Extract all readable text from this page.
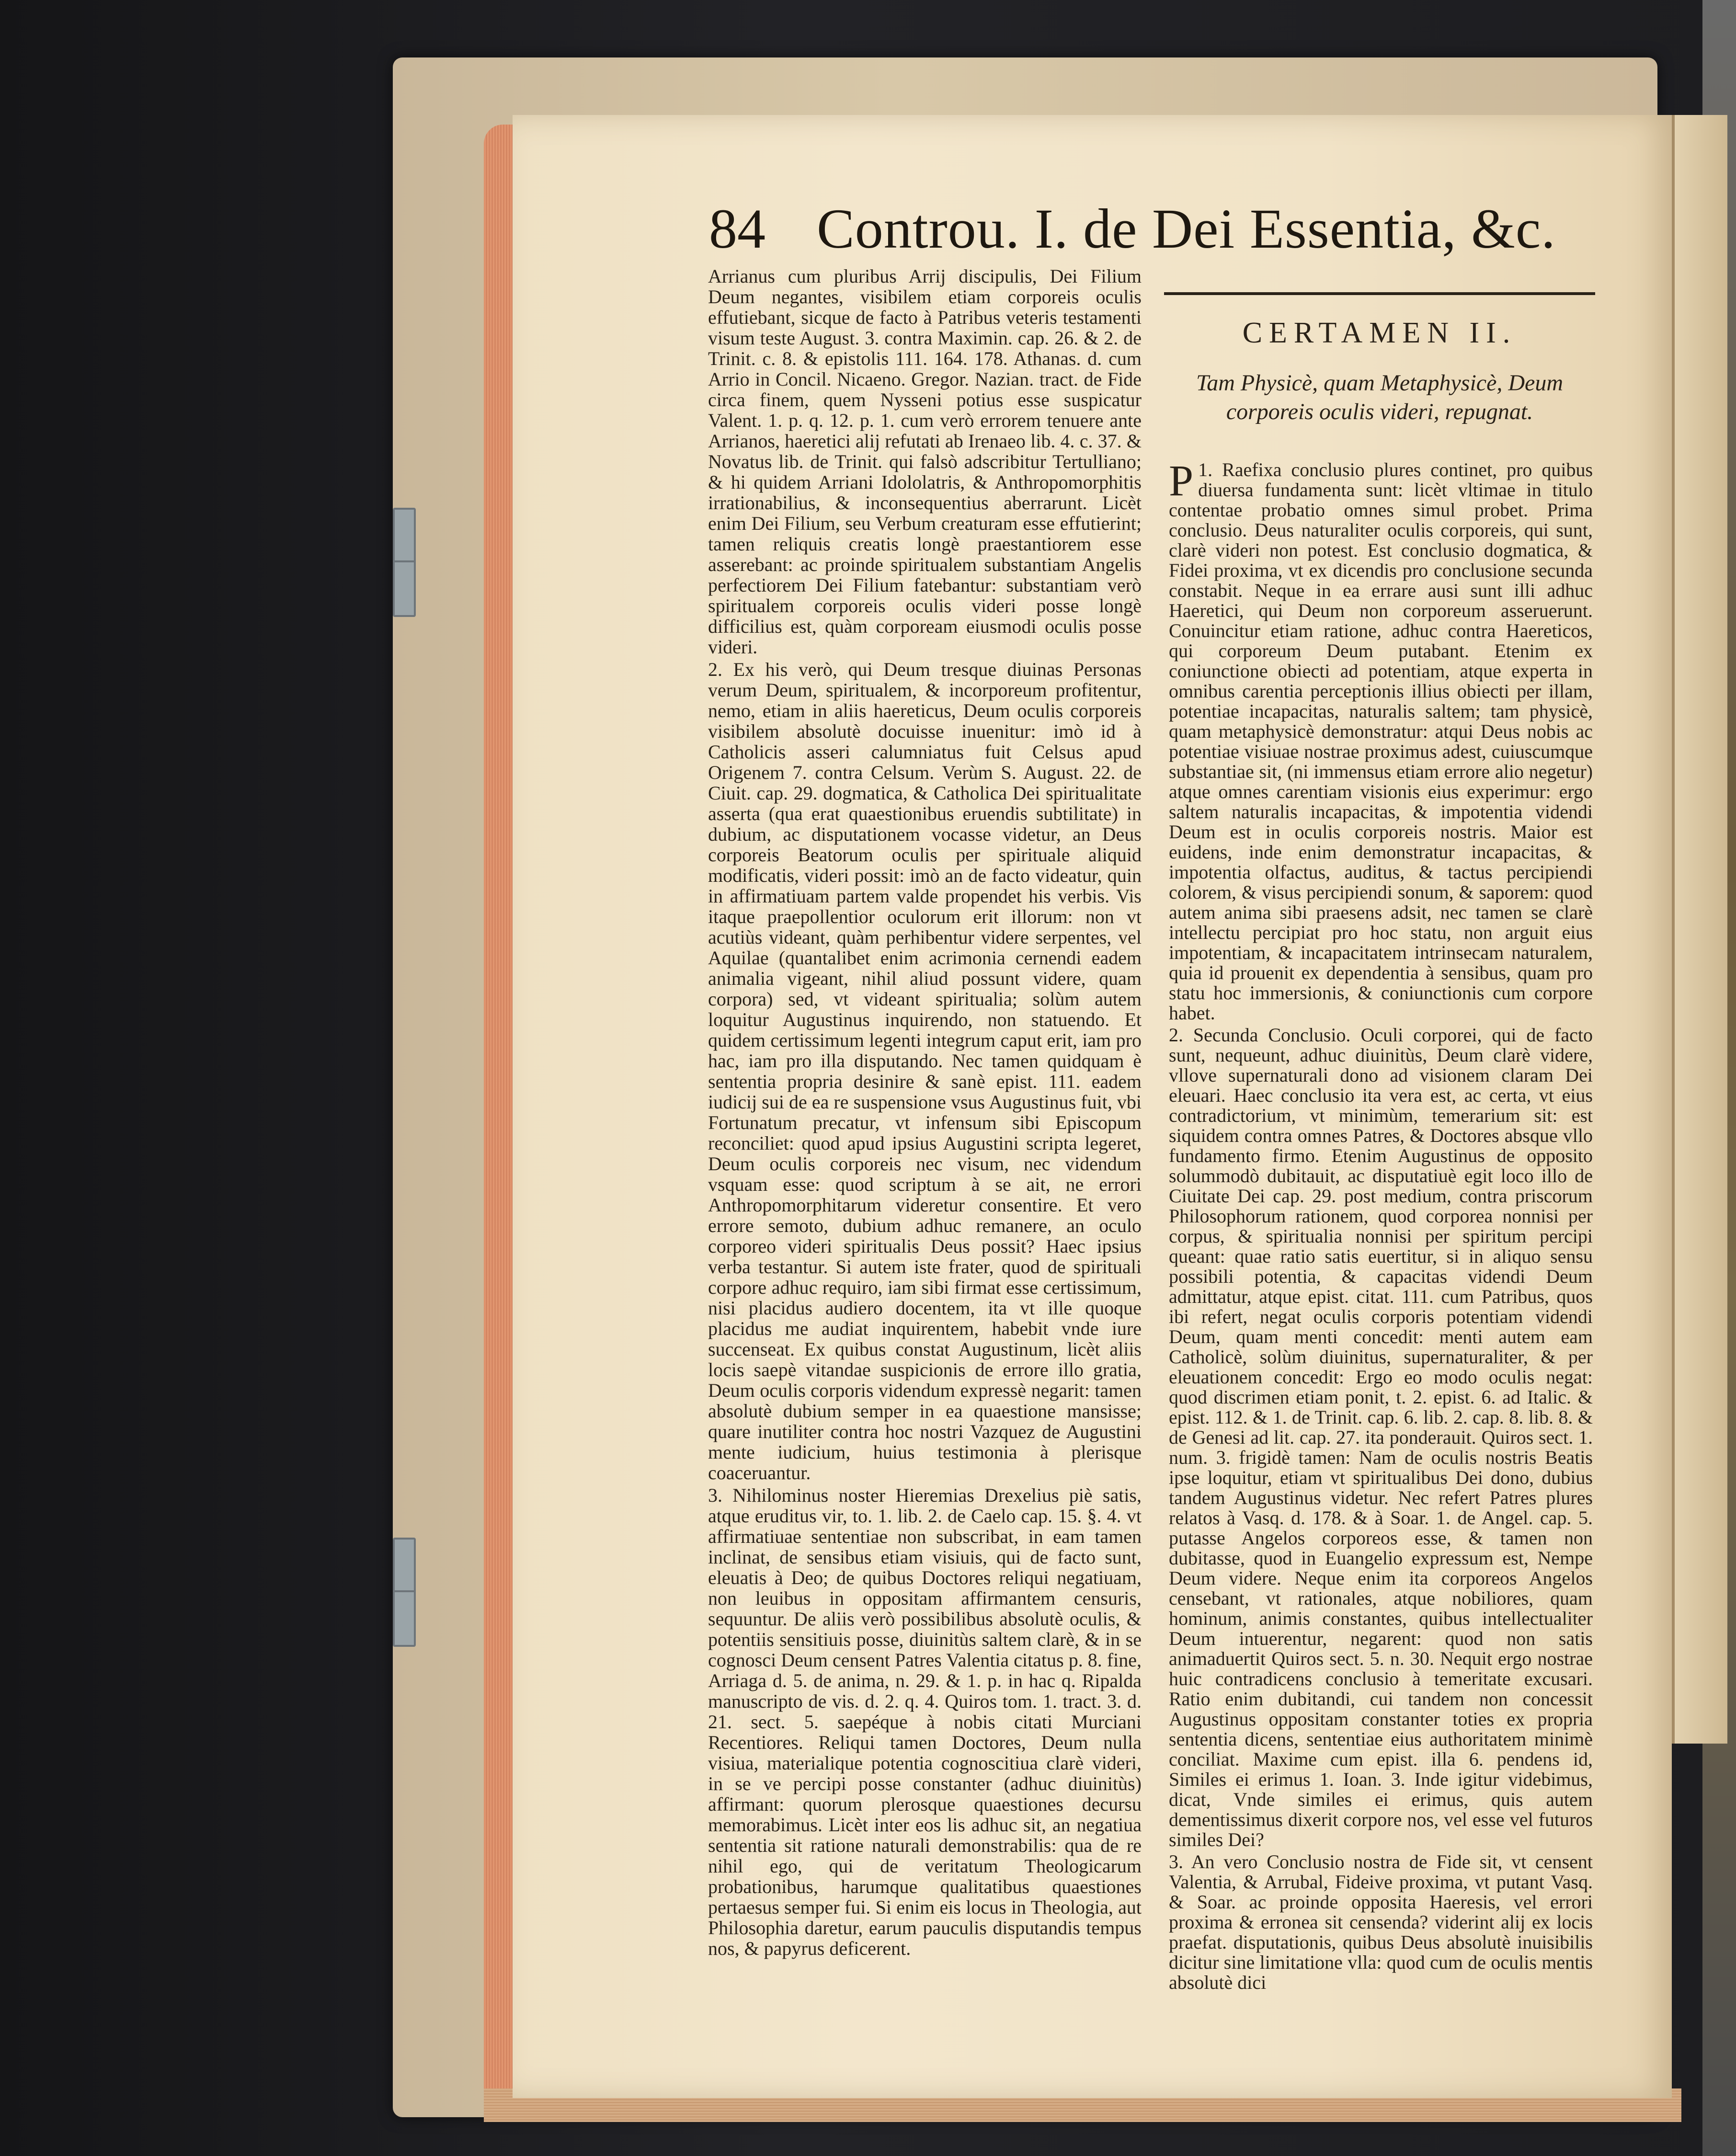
84 Controu. I. de Dei Essentia, &c.

Arrianus cum pluribus Arrij discipulis, Dei Filium Deum negantes, visibilem etiam corporeis oculis effutiebant, sicque de facto à Patribus veteris testamenti visum teste August. 3. contra Maximin. cap. 26. & 2. de Trinit. c. 8. & epistolis 111. 164. 178. Athanas. d. cum Arrio in Concil. Nicaeno. Gregor. Nazian. tract. de Fide circa finem, quem Nysseni potius esse suspicatur Valent. 1. p. q. 12. p. 1. cum verò errorem tenuere ante Arrianos, haeretici alij refutati ab Irenaeo lib. 4. c. 37. & Novatus lib. de Trinit. qui falsò adscribitur Tertulliano; & hi quidem Arriani Idololatris, & Anthropomorphitis irrationabilius, & inconsequentius aberrarunt. Licèt enim Dei Filium, seu Verbum creaturam esse effutierint; tamen reliquis creatis longè praestantiorem esse asserebant: ac proinde spiritualem substantiam Angelis perfectiorem Dei Filium fatebantur: substantiam verò spiritualem corporeis oculis videri posse longè difficilius est, quàm corpoream eiusmodi oculis posse videri.

2. Ex his verò, qui Deum tresque diuinas Personas verum Deum, spiritualem, & incorporeum profitentur, nemo, etiam in aliis haereticus, Deum oculis corporeis visibilem absolutè docuisse inuenitur: imò id à Catholicis asseri calumniatus fuit Celsus apud Origenem 7. contra Celsum. Verùm S. August. 22. de Ciuit. cap. 29. dogmatica, & Catholica Dei spiritualitate asserta (qua erat quaestionibus eruendis subtilitate) in dubium, ac disputationem vocasse videtur, an Deus corporeis Beatorum oculis per spirituale aliquid modificatis, videri possit: imò an de facto videatur, quin in affirmatiuam partem valde propendet his verbis. Vis itaque praepollentior oculorum erit illorum: non vt acutiùs videant, quàm perhibentur videre serpentes, vel Aquilae (quantalibet enim acrimonia cernendi eadem animalia vigeant, nihil aliud possunt videre, quam corpora) sed, vt videant spiritualia; solùm autem loquitur Augustinus inquirendo, non statuendo. Et quidem certissimum legenti integrum caput erit, iam pro hac, iam pro illa disputando. Nec tamen quidquam è sententia propria desinire & sanè epist. 111. eadem iudicij sui de ea re suspensione vsus Augustinus fuit, vbi Fortunatum precatur, vt infensum sibi Episcopum reconciliet: quod apud ipsius Augustini scripta legeret, Deum oculis corporeis nec visum, nec videndum vsquam esse: quod scriptum à se ait, ne errori Anthropomorphitarum videretur consentire. Et vero errore semoto, dubium adhuc remanere, an oculo corporeo videri spiritualis Deus possit? Haec ipsius verba testantur. Si autem iste frater, quod de spirituali corpore adhuc requiro, iam sibi firmat esse certissimum, nisi placidus audiero docentem, ita vt ille quoque placidus me audiat inquirentem, habebit vnde iure succenseat. Ex quibus constat Augustinum, licèt aliis locis saepè vitandae suspicionis de errore illo gratia, Deum oculis corporis videndum expressè negarit: tamen absolutè dubium semper in ea quaestione mansisse; quare inutiliter contra hoc nostri Vazquez de Augustini mente iudicium, huius testimonia à plerisque coaceruantur.

3. Nihilominus noster Hieremias Drexelius piè satis, atque eruditus vir, to. 1. lib. 2. de Caelo cap. 15. §. 4. vt affirmatiuae sententiae non subscribat, in eam tamen inclinat, de sensibus etiam visiuis, qui de facto sunt, eleuatis à Deo; de quibus Doctores reliqui negatiuam, non leuibus in oppositam affirmantem censuris, sequuntur. De aliis verò possibilibus absolutè oculis, & potentiis sensitiuis posse, diuinitùs saltem clarè, & in se cognosci Deum censent Patres Valentia citatus p. 8. fine, Arriaga d. 5. de anima, n. 29. & 1. p. in hac q. Ripalda manuscripto de vis. d. 2. q. 4. Quiros tom. 1. tract. 3. d. 21. sect. 5. saepéque à nobis citati Murciani Recentiores. Reliqui tamen Doctores, Deum nulla visiua, materialique potentia cognoscitiua clarè videri, in se ve percipi posse constanter (adhuc diuinitùs) affirmant: quorum plerosque quaestiones decursu memorabimus. Licèt inter eos lis adhuc sit, an negatiua sententia sit ratione naturali demonstrabilis: qua de re nihil ego, qui de veritatum Theologicarum probationibus, harumque qualitatibus quaestiones pertaesus semper fui. Si enim eis locus in Theologia, aut Philosophia daretur, earum pauculis disputandis tempus nos, & papyrus deficerent.

CERTAMEN II.
Tam Physicè, quam Metaphysicè, Deum corporeis oculis videri, repugnat.

1.
P Raefixa conclusio plures continet, pro quibus diuersa fundamenta sunt: licèt vltimae in titulo contentae probatio omnes simul probet. Prima conclusio. Deus naturaliter oculis corporeis, qui sunt, clarè videri non potest. Est conclusio dogmatica, & Fidei proxima, vt ex dicendis pro conclusione secunda constabit. Neque in ea errare ausi sunt illi adhuc Haeretici, qui Deum non corporeum asseruerunt. Conuincitur etiam ratione, adhuc contra Haereticos, qui corporeum Deum putabant. Etenim ex coniunctione obiecti ad potentiam, atque experta in omnibus carentia perceptionis illius obiecti per illam, potentiae incapacitas, naturalis saltem; tam physicè, quam metaphysicè demonstratur: atqui Deus nobis ac potentiae visiuae nostrae proximus adest, cuiuscumque substantiae sit, (ni immensus etiam errore alio negetur) atque omnes carentiam visionis eius experimur: ergo saltem naturalis incapacitas, & impotentia videndi Deum est in oculis corporeis nostris. Maior est euidens, inde enim demonstratur incapacitas, & impotentia olfactus, auditus, & tactus percipiendi colorem, & visus percipiendi sonum, & saporem: quod autem anima sibi praesens adsit, nec tamen se clarè intellectu percipiat pro hoc statu, non arguit eius impotentiam, & incapacitatem intrinsecam naturalem, quia id prouenit ex dependentia à sensibus, quam pro statu hoc immersionis, & coniunctionis cum corpore habet.

2. Secunda Conclusio. Oculi corporei, qui de facto sunt, nequeunt, adhuc diuinitùs, Deum clarè videre, vllove supernaturali dono ad visionem claram Dei eleuari. Haec conclusio ita vera est, ac certa, vt eius contradictorium, vt minimùm, temerarium sit: est siquidem contra omnes Patres, & Doctores absque vllo fundamento firmo. Etenim Augustinus de opposito solummodò dubitauit, ac disputatiuè egit loco illo de Ciuitate Dei cap. 29. post medium, contra priscorum Philosophorum rationem, quod corporea nonnisi per corpus, & spiritualia nonnisi per spiritum percipi queant: quae ratio satis euertitur, si in aliquo sensu possibili potentia, & capacitas videndi Deum admittatur, atque epist. citat. 111. cum Patribus, quos ibi refert, negat oculis corporis potentiam videndi Deum, quam menti concedit: menti autem eam Catholicè, solùm diuinitus, supernaturaliter, & per eleuationem concedit: Ergo eo modo oculis negat: quod discrimen etiam ponit, t. 2. epist. 6. ad Italic. & epist. 112. & 1. de Trinit. cap. 6. lib. 2. cap. 8. lib. 8. & de Genesi ad lit. cap. 27. ita ponderauit. Quiros sect. 1. num. 3. frigidè tamen: Nam de oculis nostris Beatis ipse loquitur, etiam vt spiritualibus Dei dono, dubius tandem Augustinus videtur. Nec refert Patres plures relatos à Vasq. d. 178. & à Soar. 1. de Angel. cap. 5. putasse Angelos corporeos esse, & tamen non dubitasse, quod in Euangelio expressum est, Nempe Deum videre. Neque enim ita corporeos Angelos censebant, vt rationales, atque nobiliores, quam hominum, animis constantes, quibus intellectualiter Deum intuerentur, negarent: quod non satis animaduertit Quiros sect. 5. n. 30. Nequit ergo nostrae huic contradicens conclusio à temeritate excusari. Ratio enim dubitandi, cui tandem non concessit Augustinus oppositam constanter toties ex propria sententia dicens, sententiae eius authoritatem minimè conciliat. Maxime cum epist. illa 6. pendens id, Similes ei erimus 1. Ioan. 3. Inde igitur videbimus, dicat, Vnde similes ei erimus, quis autem dementissimus dixerit corpore nos, vel esse vel futuros similes Dei?

3. An vero Conclusio nostra de Fide sit, vt censent Valentia, & Arrubal, Fideive proxima, vt putant Vasq. & Soar. ac proinde opposita Haeresis, vel errori proxima & erronea sit censenda? viderint alij ex locis praefat. disputationis, quibus Deus absolutè inuisibilis dicitur sine limitatione vlla: quod cum de oculis mentis absolutè dici
